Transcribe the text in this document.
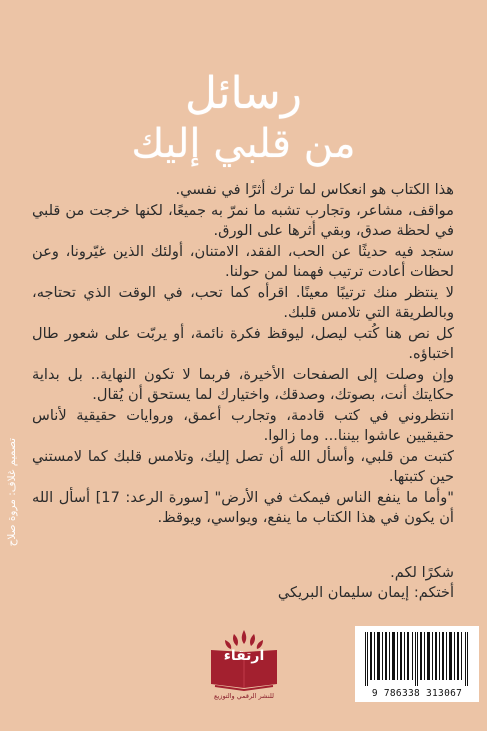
رسائل
من قلبي إليك

هذا الكتاب هو انعكاس لما ترك أثرًا في نفسي.

مواقف، مشاعر، وتجارب تشبه ما نمرّ به جميعًا، لكنها خرجت من قلبي في لحظة صدق، وبقي أثرها على الورق.

ستجد فيه حديثًا عن الحب، الفقد، الامتنان، أولئك الذين غيّرونا، وعن لحظات أعادت ترتيب فهمنا لمن حولنا.

لا ينتظر منك ترتيبًا معينًا. اقرأه كما تحب، في الوقت الذي تحتاجه، وبالطريقة التي تلامس قلبك.

كل نص هنا كُتب ليصل، ليوقظ فكرة نائمة، أو يربّت على شعور طال اختباؤه.

وإن وصلت إلى الصفحات الأخيرة، فربما لا تكون النهاية.. بل بداية حكايتك أنت، بصوتك، وصدقك، واختيارك لما يستحق أن يُقال.

انتظروني في كتب قادمة، وتجارب أعمق، وروايات حقيقية لأناس حقيقيين عاشوا بيننا... وما زالوا.

كتبت من قلبي، وأسأل الله أن تصل إليك، وتلامس قلبك كما لامستني حين كتبتها.

"وأما ما ينفع الناس فيمكث في الأرض" [سورة الرعد: 17] أسأل الله أن يكون في هذا الكتاب ما ينفع، ويواسي، ويوقظ.

شكرًا لكم.

أختكم: إيمان سليمان البريكي

تصميم غلاف: مروة صلاح
ارتقاء
للنشر الرقمي والتوزيع	9 786338 313067
